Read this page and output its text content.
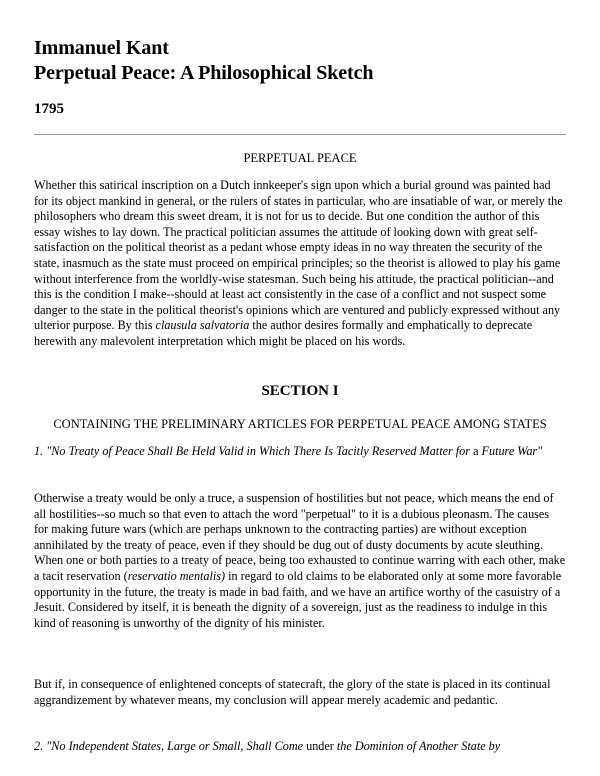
Immanuel Kant
Perpetual Peace: A Philosophical Sketch

1795

PERPETUAL PEACE

Whether this satirical inscription on a Dutch innkeeper's sign upon which a burial ground was painted had for its object mankind in general, or the rulers of states in particular, who are insatiable of war, or merely the philosophers who dream this sweet dream, it is not for us to decide. But one condition the author of this essay wishes to lay down. The practical politician assumes the attitude of looking down with great self-satisfaction on the political theorist as a pedant whose empty ideas in no way threaten the security of the state, inasmuch as the state must proceed on empirical principles; so the theorist is allowed to play his game without interference from the worldly-wise statesman. Such being his attitude, the practical politician--and this is the condition I make--should at least act consistently in the case of a conflict and not suspect some danger to the state in the political theorist's opinions which are ventured and publicly expressed without any ulterior purpose. By this clausula salvatoria the author desires formally and emphatically to deprecate herewith any malevolent interpretation which might be placed on his words.

SECTION I

CONTAINING THE PRELIMINARY ARTICLES FOR PERPETUAL PEACE AMONG STATES

1. "No Treaty of Peace Shall Be Held Valid in Which There Is Tacitly Reserved Matter for a Future War"

Otherwise a treaty would be only a truce, a suspension of hostilities but not peace, which means the end of all hostilities--so much so that even to attach the word "perpetual" to it is a dubious pleonasm. The causes for making future wars (which are perhaps unknown to the contracting parties) are without exception annihilated by the treaty of peace, even if they should be dug out of dusty documents by acute sleuthing. When one or both parties to a treaty of peace, being too exhausted to continue warring with each other, make a tacit reservation (reservatio mentalis) in regard to old claims to be elaborated only at some more favorable opportunity in the future, the treaty is made in bad faith, and we have an artifice worthy of the casuistry of a Jesuit. Considered by itself, it is beneath the dignity of a sovereign, just as the readiness to indulge in this kind of reasoning is unworthy of the dignity of his minister.

But if, in consequence of enlightened concepts of statecraft, the glory of the state is placed in its continual aggrandizement by whatever means, my conclusion will appear merely academic and pedantic.

2. "No Independent States, Large or Small, Shall Come under the Dominion of Another State by
